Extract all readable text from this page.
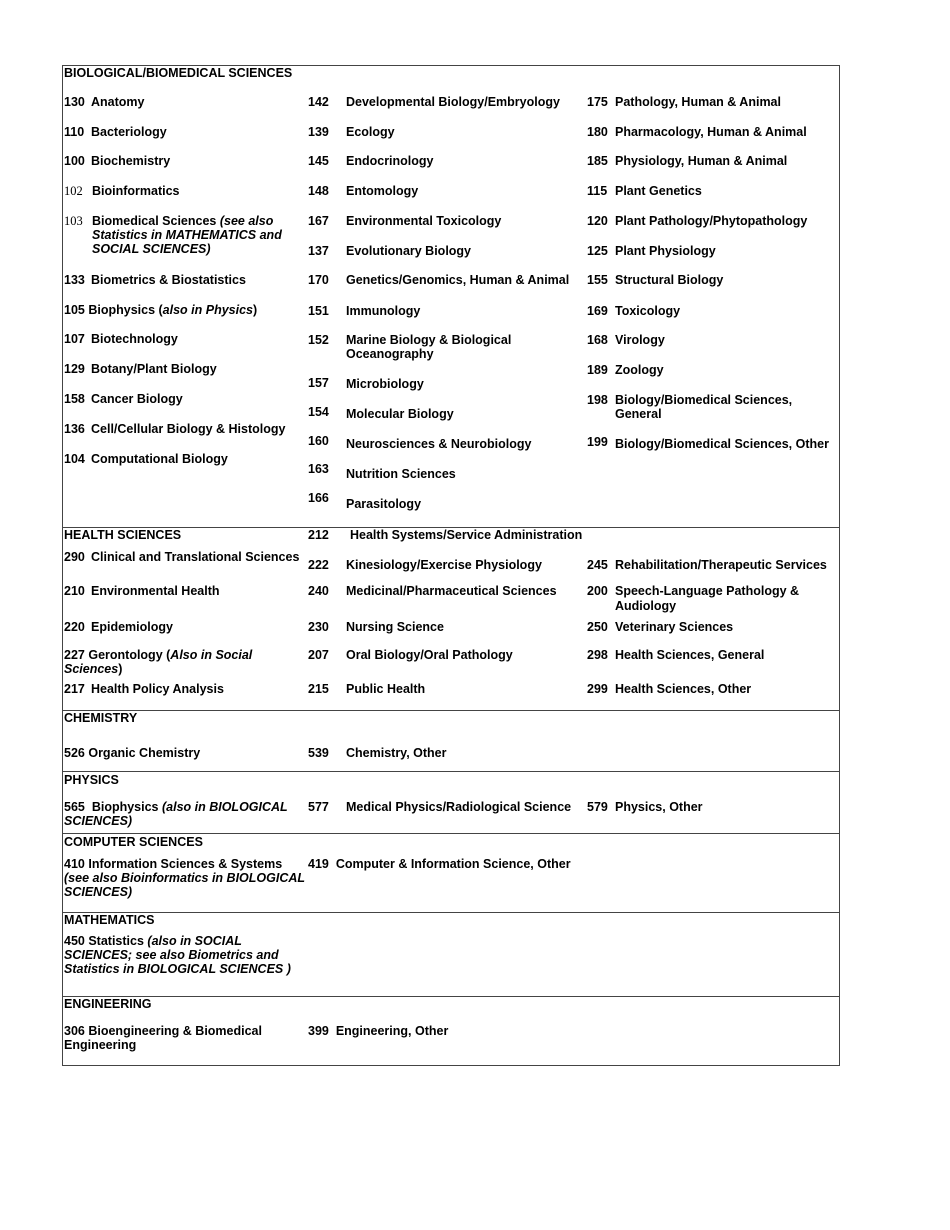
BIOLOGICAL/BIOMEDICAL SCIENCES
130 Anatomy
110 Bacteriology
100 Biochemistry
102 Bioinformatics
103 Biomedical Sciences (see also
Statistics in MATHEMATICS and
SOCIAL SCIENCES)
133 Biometrics & Biostatistics
105 Biophysics (also in Physics)
107 Biotechnology
129 Botany/Plant Biology
158 Cancer Biology
136 Cell/Cellular Biology & Histology
104 Computational Biology
142 Developmental Biology/Embryology
139 Ecology
145 Endocrinology
148 Entomology
167 Environmental Toxicology
137 Evolutionary Biology
170 Genetics/Genomics, Human & Animal
151 Immunology
152 Marine Biology & Biological
Oceanography
157 Microbiology
154 Molecular Biology
160 Neurosciences & Neurobiology
163 Nutrition Sciences
166 Parasitology
175 Pathology, Human & Animal
180 Pharmacology, Human & Animal
185 Physiology, Human & Animal
115 Plant Genetics
120 Plant Pathology/Phytopathology
125 Plant Physiology
155 Structural Biology
169 Toxicology
168 Virology
189 Zoology
198 Biology/Biomedical Sciences,
General
199 Biology/Biomedical Sciences, Other
HEALTH SCIENCES	212 Health Systems/Service Administration
290 Clinical and Translational Sciences
210 Environmental Health
220 Epidemiology
227 Gerontology (Also in Social
Sciences)
217 Health Policy Analysis
222 Kinesiology/Exercise Physiology
240 Medicinal/Pharmaceutical Sciences
230 Nursing Science
207 Oral Biology/Oral Pathology
215 Public Health
245 Rehabilitation/Therapeutic Services
200 Speech-Language Pathology &
Audiology
250 Veterinary Sciences
298 Health Sciences, General
299 Health Sciences, Other
CHEMISTRY
526 Organic Chemistry	539 Chemistry, Other
PHYSICS
565 Biophysics (also in BIOLOGICAL
SCIENCES)
577 Medical Physics/Radiological Science 579 Physics, Other
COMPUTER SCIENCES
410 Information Sciences & Systems
(see also Bioinformatics in BIOLOGICAL
SCIENCES)
419 Computer & Information Science, Other
MATHEMATICS
450 Statistics (also in SOCIAL
SCIENCES; see also Biometrics and
Statistics in BIOLOGICAL SCIENCES )
ENGINEERING
306 Bioengineering & Biomedical
Engineering
399 Engineering, Other
